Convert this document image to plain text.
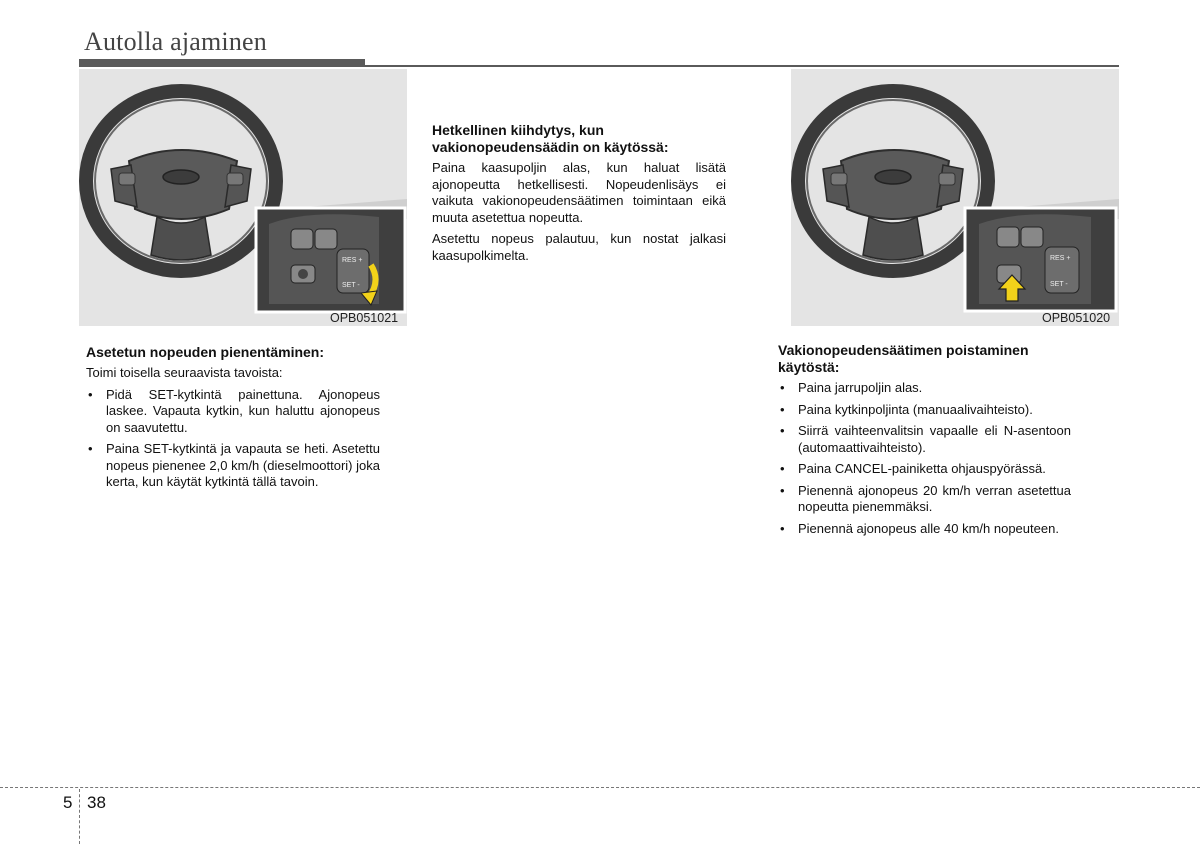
Autolla ajaminen
RES +
SET -
OPB051021
RES +
SET -
OPB051020
Asetetun nopeuden pienentäminen:

Toimi toisella seuraavista tavoista:

• Pidä SET-kytkintä painettuna. Ajonopeus laskee. Vapauta kytkin, kun haluttu ajonopeus on saavutettu.
• Paina SET-kytkintä ja vapauta se heti. Asetettu nopeus pienenee 2,0 km/h (dieselmoottori) joka kerta, kun käytät kytkintä tällä tavoin.
Hetkellinen kiihdytys, kun vakionopeudensäädin on käytössä:

Paina kaasupoljin alas, kun haluat lisätä ajonopeutta hetkellisesti. Nopeudenlisäys ei vaikuta vakionopeudensäätimen toimintaan eikä muuta asetettua nopeutta.

Asetettu nopeus palautuu, kun nostat jalkasi kaasupolkimelta.

Vakionopeudensäätimen poistaminen käytöstä:
• Paina jarrupoljin alas.
• Paina kytkinpoljinta (manuaalivaihteisto).
• Siirrä vaihteenvalitsin vapaalle eli N-asentoon (automaattivaihteisto).
• Paina CANCEL-painiketta ohjauspyörässä.
• Pienennä ajonopeus 20 km/h verran asetettua nopeutta pienemmäksi.
• Pienennä ajonopeus alle 40 km/h nopeuteen.
5 38
